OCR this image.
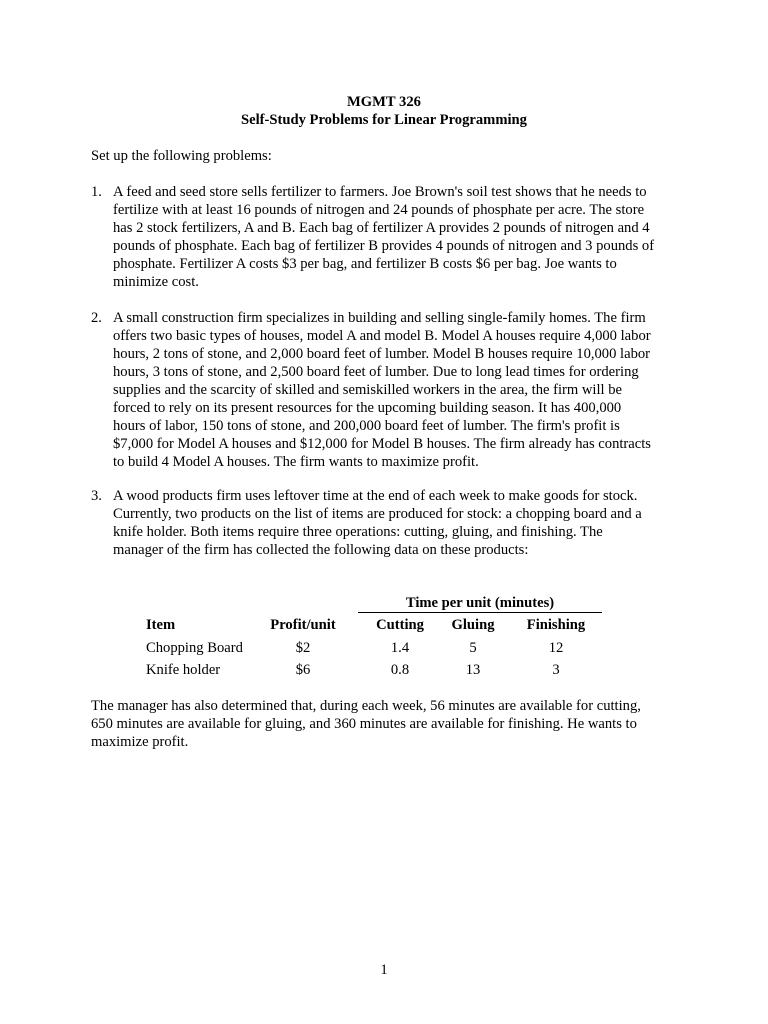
MGMT 326
Self-Study Problems for Linear Programming
Set up the following problems:
1. A feed and seed store sells fertilizer to farmers. Joe Brown's soil test shows that he needs to
fertilize with at least 16 pounds of nitrogen and 24 pounds of phosphate per acre. The store
has 2 stock fertilizers, A and B. Each bag of fertilizer A provides 2 pounds of nitrogen and 4
pounds of phosphate. Each bag of fertilizer B provides 4 pounds of nitrogen and 3 pounds of
phosphate. Fertilizer A costs $3 per bag, and fertilizer B costs $6 per bag. Joe wants to
minimize cost.
2. A small construction firm specializes in building and selling single-family homes. The firm
offers two basic types of houses, model A and model B. Model A houses require 4,000 labor
hours, 2 tons of stone, and 2,000 board feet of lumber. Model B houses require 10,000 labor
hours, 3 tons of stone, and 2,500 board feet of lumber. Due to long lead times for ordering
supplies and the scarcity of skilled and semiskilled workers in the area, the firm will be
forced to rely on its present resources for the upcoming building season. It has 400,000
hours of labor, 150 tons of stone, and 200,000 board feet of lumber. The firm's profit is
$7,000 for Model A houses and $12,000 for Model B houses. The firm already has contracts
to build 4 Model A houses. The firm wants to maximize profit.
3. A wood products firm uses leftover time at the end of each week to make goods for stock.
Currently, two products on the list of items are produced for stock: a chopping board and a
knife holder. Both items require three operations: cutting, gluing, and finishing. The
manager of the firm has collected the following data on these products:
Time per unit (minutes)
Item	Profit/unit	Cutting	Gluing	Finishing
Chopping Board	$2	1.4	5	12
Knife holder	$6	0.8	13	3
The manager has also determined that, during each week, 56 minutes are available for cutting,
650 minutes are available for gluing, and 360 minutes are available for finishing. He wants to
maximize profit.
1
